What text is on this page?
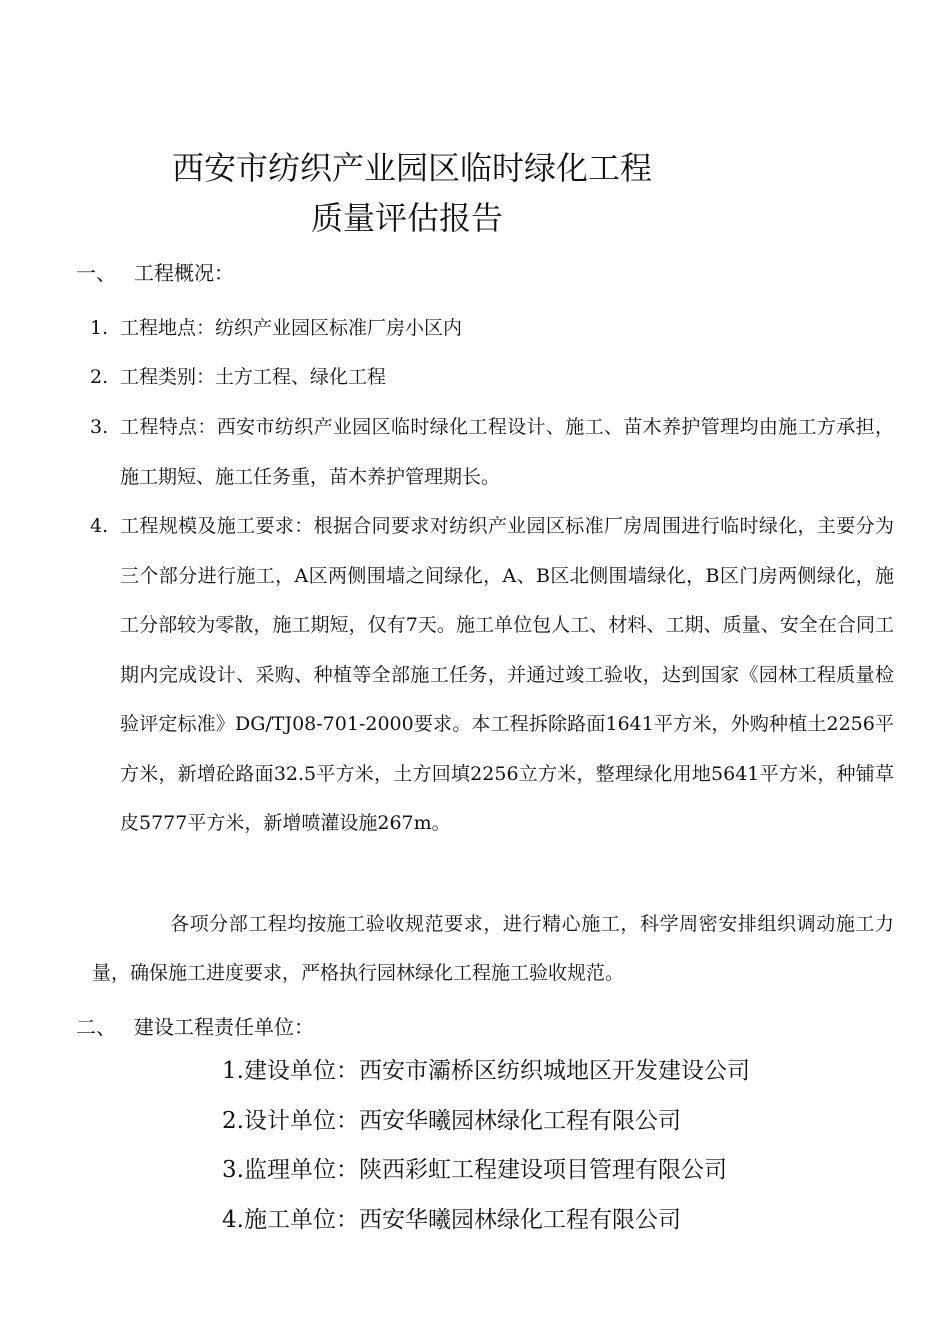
西安市纺织产业园区临时绿化工程
质量评估报告
一、 工程概况：
1. 工程地点：纺织产业园区标准厂房小区内
2. 工程类别：土方工程、绿化工程
3. 工程特点：西安市纺织产业园区临时绿化工程设计、施工、苗木养护管理均由施工方承担，施工期短、施工任务重，苗木养护管理期长。
4. 工程规模及施工要求：根据合同要求对纺织产业园区标准厂房周围进行临时绿化，主要分为三个部分进行施工，A区两侧围墙之间绿化，A、B区北侧围墙绿化，B区门房两侧绿化，施工分部较为零散，施工期短，仅有7天。施工单位包人工、材料、工期、质量、安全在合同工期内完成设计、采购、种植等全部施工任务，并通过竣工验收，达到国家《园林工程质量检验评定标准》DG/TJ08-701-2000要求。本工程拆除路面1641平方米，外购种植土2256平方米，新增砼路面32.5平方米，土方回填2256立方米，整理绿化用地5641平方米，种铺草皮5777平方米，新增喷灌设施267m。
各项分部工程均按施工验收规范要求，进行精心施工，科学周密安排组织调动施工力量，确保施工进度要求，严格执行园林绿化工程施工验收规范。
二、 建设工程责任单位：
1.建设单位：西安市灞桥区纺织城地区开发建设公司
2.设计单位：西安华曦园林绿化工程有限公司
3.监理单位：陕西彩虹工程建设项目管理有限公司
4.施工单位：西安华曦园林绿化工程有限公司
